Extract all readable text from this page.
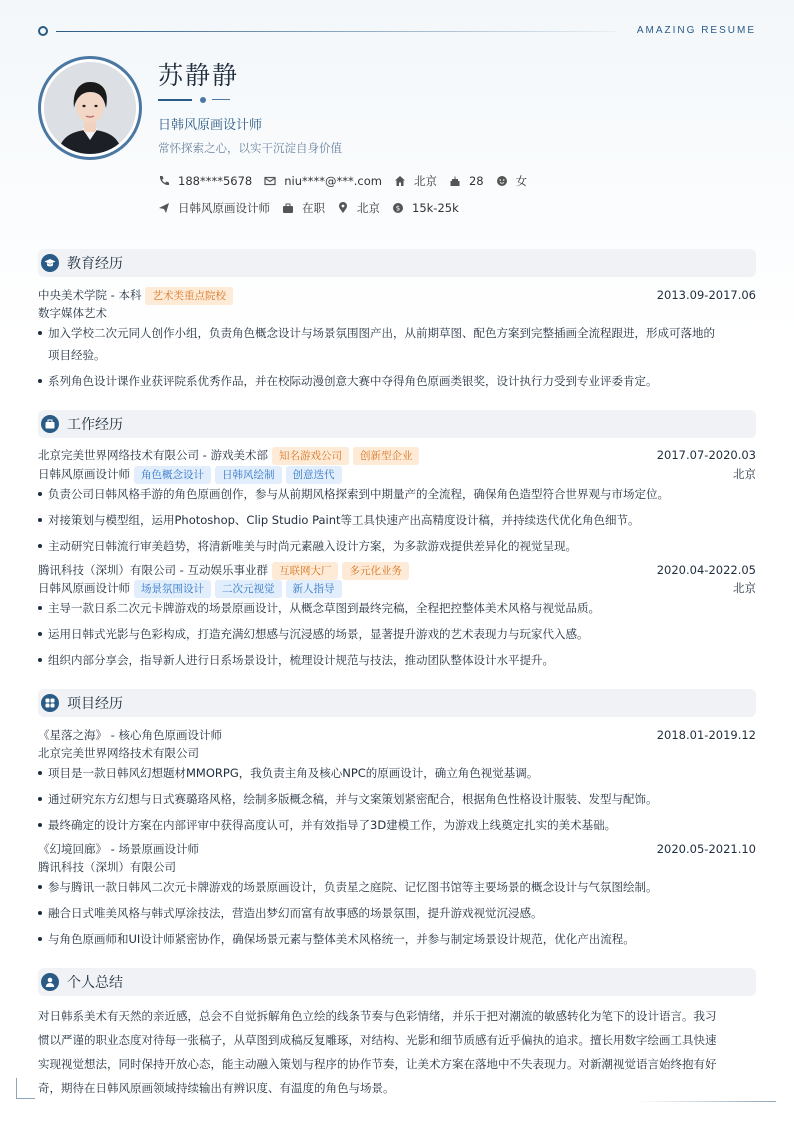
AMAZING RESUME
苏静静
日韩风原画设计师
常怀探索之心，以实干沉淀自身价值
188****5678	niu****@***.com	北京	28	女
日韩风原画设计师	在职	北京 $ 15k-25k
教育经历
中央美术学院 - 本科 艺术类重点院校	2013.09-2017.06
数字媒体艺术
加入学校二次元同人创作小组，负责角色概念设计与场景氛围图产出，从前期草图、配色方案到完整插画全流程跟进，形成可落地的
项目经验。
系列角色设计课作业获评院系优秀作品，并在校际动漫创意大赛中夺得角色原画类银奖，设计执行力受到专业评委肯定。
工作经历
北京完美世界网络技术有限公司 - 游戏美术部 知名游戏公司 创新型企业	2017.07-2020.03
日韩风原画设计师 角色概念设计 日韩风绘制 创意迭代	北京
负责公司日韩风格手游的角色原画创作，参与从前期风格探索到中期量产的全流程，确保角色造型符合世界观与市场定位。
对接策划与模型组，运用Photoshop、Clip Studio Paint等工具快速产出高精度设计稿，并持续迭代优化角色细节。
主动研究日韩流行审美趋势，将清新唯美与时尚元素融入设计方案，为多款游戏提供差异化的视觉呈现。
腾讯科技（深圳）有限公司 - 互动娱乐事业群 互联网大厂 多元化业务	2020.04-2022.05
日韩风原画设计师 场景氛围设计 二次元视觉 新人指导	北京
主导一款日系二次元卡牌游戏的场景原画设计，从概念草图到最终完稿，全程把控整体美术风格与视觉品质。
运用日韩式光影与色彩构成，打造充满幻想感与沉浸感的场景，显著提升游戏的艺术表现力与玩家代入感。
组织内部分享会，指导新人进行日系场景设计，梳理设计规范与技法，推动团队整体设计水平提升。
项目经历
《星落之海》 - 核心角色原画设计师	2018.01-2019.12
北京完美世界网络技术有限公司
项目是一款日韩风幻想题材MMORPG，我负责主角及核心NPC的原画设计，确立角色视觉基调。
通过研究东方幻想与日式赛璐珞风格，绘制多版概念稿，并与文案策划紧密配合，根据角色性格设计服装、发型与配饰。
最终确定的设计方案在内部评审中获得高度认可，并有效指导了3D建模工作，为游戏上线奠定扎实的美术基础。
《幻境回廊》 - 场景原画设计师	2020.05-2021.10
腾讯科技（深圳）有限公司
参与腾讯一款日韩风二次元卡牌游戏的场景原画设计，负责星之庭院、记忆图书馆等主要场景的概念设计与气氛图绘制。
融合日式唯美风格与韩式厚涂技法，营造出梦幻而富有故事感的场景氛围，提升游戏视觉沉浸感。
与角色原画师和UI设计师紧密协作，确保场景元素与整体美术风格统一，并参与制定场景设计规范，优化产出流程。
个人总结
对日韩系美术有天然的亲近感，总会不自觉拆解角色立绘的线条节奏与色彩情绪，并乐于把对潮流的敏感转化为笔下的设计语言。我习
惯以严谨的职业态度对待每一张稿子，从草图到成稿反复雕琢，对结构、光影和细节质感有近乎偏执的追求。擅长用数字绘画工具快速
实现视觉想法，同时保持开放心态，能主动融入策划与程序的协作节奏，让美术方案在落地中不失表现力。对新潮视觉语言始终抱有好
奇，期待在日韩风原画领域持续输出有辨识度、有温度的角色与场景。
